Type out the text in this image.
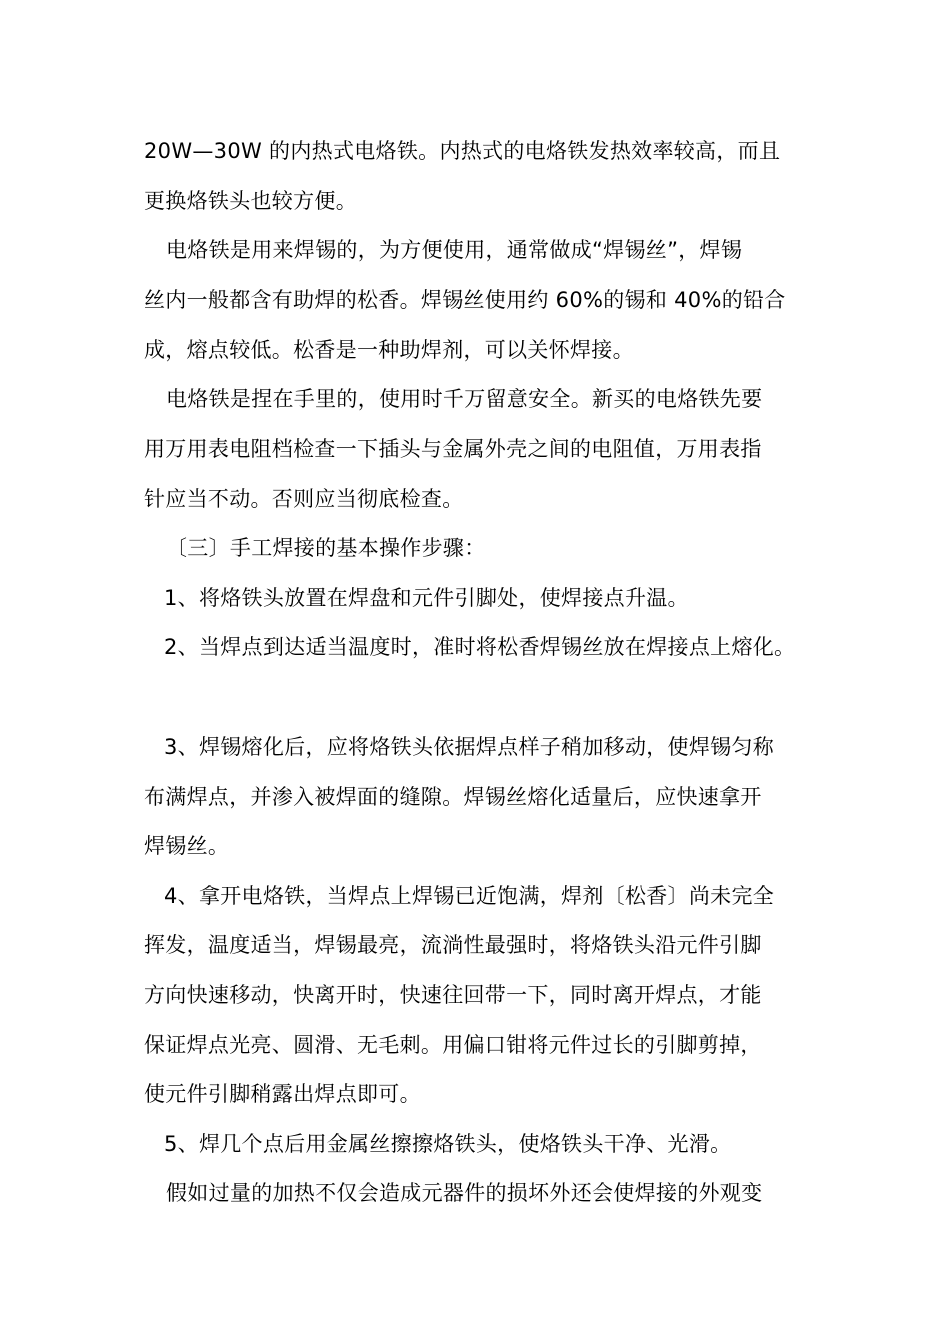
20W—30W 的内热式电烙铁。内热式的电烙铁发热效率较高，而且
更换烙铁头也较方便。
电烙铁是用来焊锡的，为方便使用，通常做成“焊锡丝”，焊锡
丝内一般都含有助焊的松香。焊锡丝使用约 60%的锡和 40%的铅合
成，熔点较低。松香是一种助焊剂，可以关怀焊接。
电烙铁是捏在手里的，使用时千万留意安全。新买的电烙铁先要
用万用表电阻档检查一下插头与金属外壳之间的电阻值，万用表指
针应当不动。否则应当彻底检查。
〔三〕手工焊接的基本操作步骤：
1、将烙铁头放置在焊盘和元件引脚处，使焊接点升温。
2、当焊点到达适当温度时，准时将松香焊锡丝放在焊接点上熔化。
3、焊锡熔化后，应将烙铁头依据焊点样子稍加移动，使焊锡匀称
布满焊点，并渗入被焊面的缝隙。焊锡丝熔化适量后，应快速拿开
焊锡丝。
4、拿开电烙铁，当焊点上焊锡已近饱满，焊剂〔松香〕尚未完全
挥发，温度适当，焊锡最亮，流淌性最强时，将烙铁头沿元件引脚
方向快速移动，快离开时，快速往回带一下，同时离开焊点，才能
保证焊点光亮、圆滑、无毛刺。用偏口钳将元件过长的引脚剪掉，
使元件引脚稍露出焊点即可。
5、焊几个点后用金属丝擦擦烙铁头，使烙铁头干净、光滑。
假如过量的加热不仅会造成元器件的损坏外还会使焊接的外观变
